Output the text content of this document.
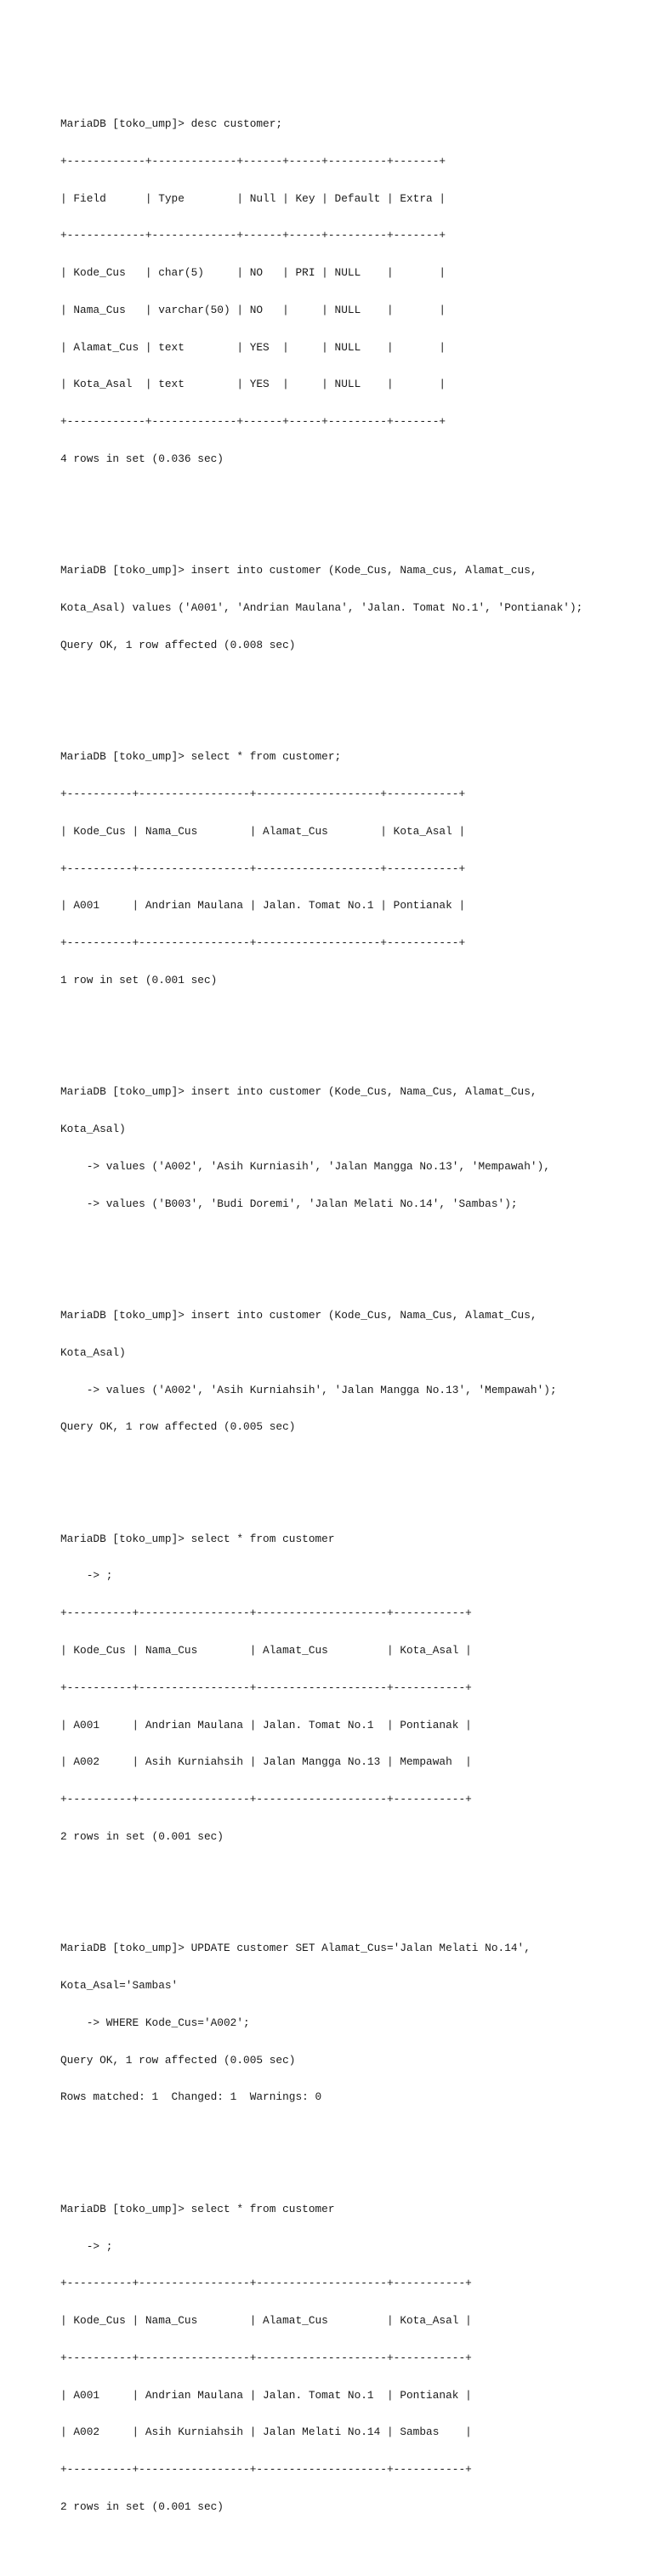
MariaDB [toko_ump]> desc customer;

+------------+-------------+------+-----+---------+-------+

| Field      | Type        | Null | Key | Default | Extra |

+------------+-------------+------+-----+---------+-------+

| Kode_Cus   | char(5)     | NO   | PRI | NULL    |       |

| Nama_Cus   | varchar(50) | NO   |     | NULL    |       |

| Alamat_Cus | text        | YES  |     | NULL    |       |

| Kota_Asal  | text        | YES  |     | NULL    |       |

+------------+-------------+------+-----+---------+-------+

4 rows in set (0.036 sec)

MariaDB [toko_ump]> insert into customer (Kode_Cus, Nama_cus, Alamat_cus,

Kota_Asal) values ('A001', 'Andrian Maulana', 'Jalan. Tomat No.1', 'Pontianak');

Query OK, 1 row affected (0.008 sec)

MariaDB [toko_ump]> select * from customer;

+----------+-----------------+-------------------+-----------+

| Kode_Cus | Nama_Cus        | Alamat_Cus        | Kota_Asal |

+----------+-----------------+-------------------+-----------+

| A001     | Andrian Maulana | Jalan. Tomat No.1 | Pontianak |

+----------+-----------------+-------------------+-----------+

1 row in set (0.001 sec)

MariaDB [toko_ump]> insert into customer (Kode_Cus, Nama_Cus, Alamat_Cus,

Kota_Asal)

-> values ('A002', 'Asih Kurniasih', 'Jalan Mangga No.13', 'Mempawah'),

-> values ('B003', 'Budi Doremi', 'Jalan Melati No.14', 'Sambas');

MariaDB [toko_ump]> insert into customer (Kode_Cus, Nama_Cus, Alamat_Cus,

Kota_Asal)

-> values ('A002', 'Asih Kurniahsih', 'Jalan Mangga No.13', 'Mempawah');

Query OK, 1 row affected (0.005 sec)

MariaDB [toko_ump]> select * from customer

-> ;

+----------+-----------------+--------------------+-----------+

| Kode_Cus | Nama_Cus        | Alamat_Cus         | Kota_Asal |

+----------+-----------------+--------------------+-----------+

| A001     | Andrian Maulana | Jalan. Tomat No.1  | Pontianak |

| A002     | Asih Kurniahsih | Jalan Mangga No.13 | Mempawah  |

+----------+-----------------+--------------------+-----------+

2 rows in set (0.001 sec)

MariaDB [toko_ump]> UPDATE customer SET Alamat_Cus='Jalan Melati No.14',

Kota_Asal='Sambas'

-> WHERE Kode_Cus='A002';

Query OK, 1 row affected (0.005 sec)

Rows matched: 1  Changed: 1  Warnings: 0

MariaDB [toko_ump]> select * from customer

-> ;

+----------+-----------------+--------------------+-----------+

| Kode_Cus | Nama_Cus        | Alamat_Cus         | Kota_Asal |

+----------+-----------------+--------------------+-----------+

| A001     | Andrian Maulana | Jalan. Tomat No.1  | Pontianak |

| A002     | Asih Kurniahsih | Jalan Melati No.14 | Sambas    |

+----------+-----------------+--------------------+-----------+

2 rows in set (0.001 sec)
